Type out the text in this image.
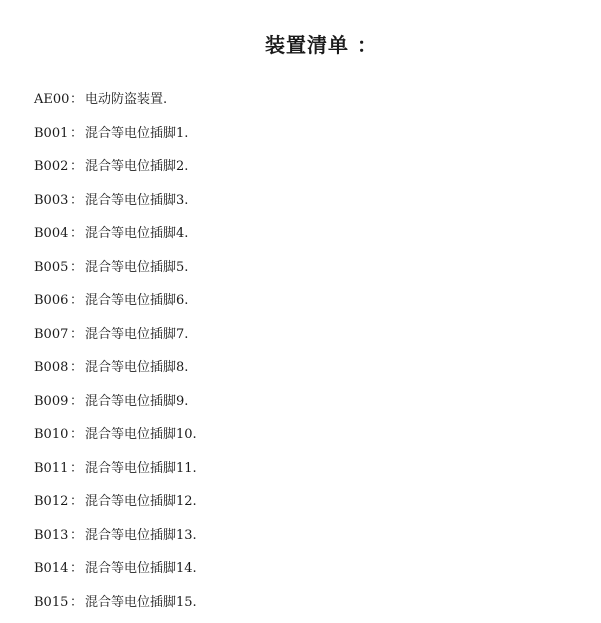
装置清单 ：
AE00： 电动防盗装置.
B001 ： 混合等电位插脚1.
B002 ： 混合等电位插脚2.
B003 ： 混合等电位插脚3.
B004 ： 混合等电位插脚4.
B005 ： 混合等电位插脚5.
B006 ： 混合等电位插脚6.
B007 ： 混合等电位插脚7.
B008 ： 混合等电位插脚8.
B009 ： 混合等电位插脚9.
B010 ： 混合等电位插脚10.
B011 ： 混合等电位插脚11.
B012 ： 混合等电位插脚12.
B013 ： 混合等电位插脚13.
B014 ： 混合等电位插脚14.
B015 ： 混合等电位插脚15.
